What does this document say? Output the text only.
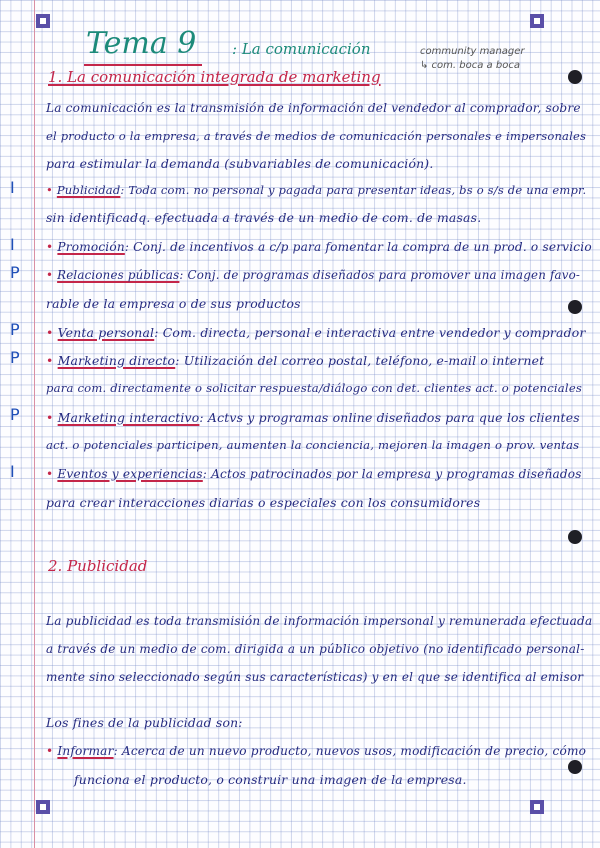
Tema 9 : La comunicación	community manager
↳ com. boca a boca
1. La comunicación integrada de marketing
La comunicación es la transmisión de información del vendedor al comprador, sobre
el producto o la empresa, a través de medios de comunicación personales e impersonales
para estimular la demanda (subvariables de comunicación).
I	• Publicidad: Toda com. no personal y pagada para presentar ideas, bs o s/s de una empr.
sin identificadq. efectuada a través de un medio de com. de masas.
I	• Promoción: Conj. de incentivos a c/p para fomentar la compra de un prod. o servicio
P • Relaciones públicas: Conj. de programas diseñados para promover una imagen favo-
rable de la empresa o de sus productos
P • Venta personal: Com. directa, personal e interactiva entre vendedor y comprador
P • Marketing directo: Utilización del correo postal, teléfono, e-mail o internet
para com. directamente o solicitar respuesta/diálogo con det. clientes act. o potenciales
P • Marketing interactivo: Actvs y programas online diseñados para que los clientes
act. o potenciales participen, aumenten la conciencia, mejoren la imagen o prov. ventas
I	• Eventos y experiencias: Actos patrocinados por la empresa y programas diseñados
para crear interacciones diarias o especiales con los consumidores
2. Publicidad
La publicidad es toda transmisión de información impersonal y remunerada efectuada
a través de un medio de com. dirigida a un público objetivo (no identificado personal-
mente sino seleccionado según sus características) y en el que se identifica al emisor
Los fines de la publicidad son:
• Informar: Acerca de un nuevo producto, nuevos usos, modificación de precio, cómo
funciona el producto, o construir una imagen de la empresa.
